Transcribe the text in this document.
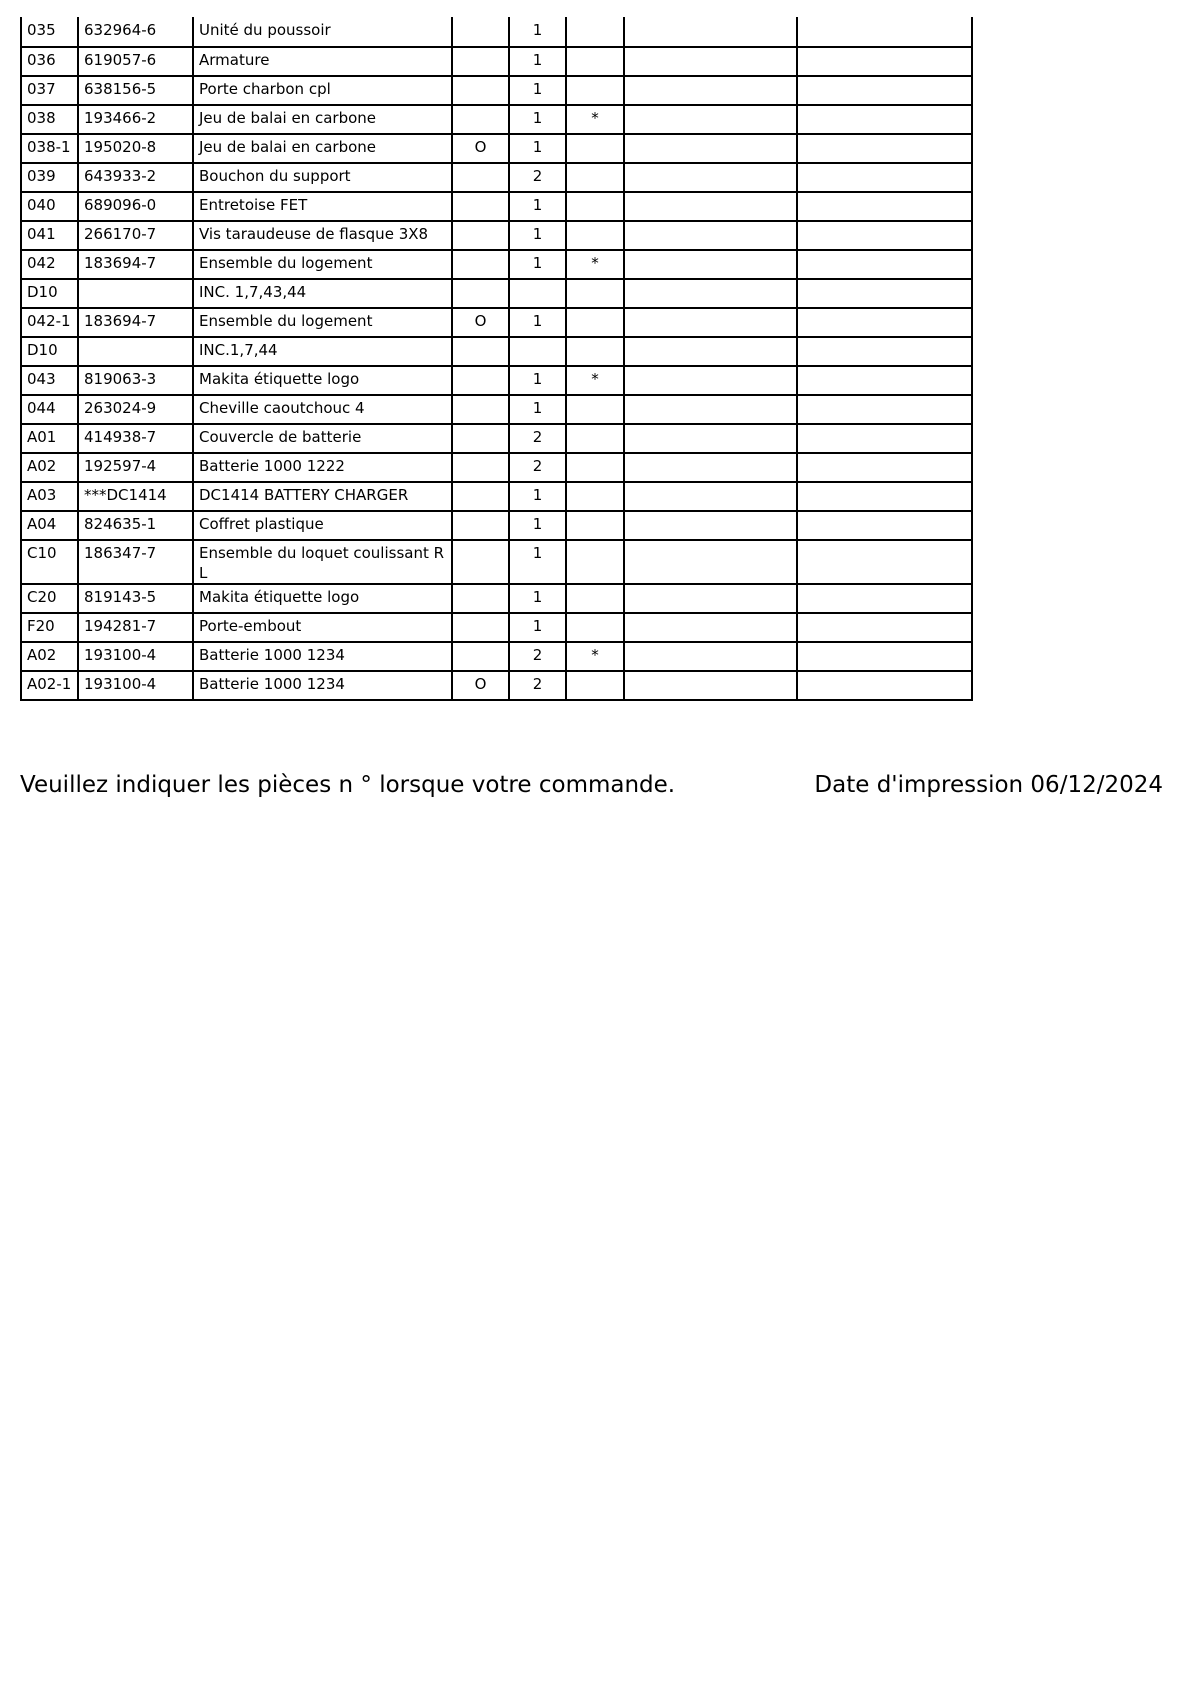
035	632964-6	Unité du poussoir		1			
036	619057-6	Armature		1			
037	638156-5	Porte charbon cpl		1			
038	193466-2	Jeu de balai en carbone		1	*		
038-1	195020-8	Jeu de balai en carbone	O	1			
039	643933-2	Bouchon du support		2			
040	689096-0	Entretoise FET		1			
041	266170-7	Vis taraudeuse de flasque 3X8		1			
042	183694-7	Ensemble du logement		1	*		
D10		INC. 1,7,43,44					
042-1	183694-7	Ensemble du logement	O	1			
D10		INC.1,7,44					
043	819063-3	Makita étiquette logo		1	*		
044	263024-9	Cheville caoutchouc 4		1			
A01	414938-7	Couvercle de batterie		2			
A02	192597-4	Batterie 1000 1222		2			
A03	***DC1414	DC1414 BATTERY CHARGER		1			
A04	824635-1	Coffret plastique		1			
C10	186347-7	Ensemble du loquet coulissant R L		1			
C20	819143-5	Makita étiquette logo		1			
F20	194281-7	Porte-embout		1			
A02	193100-4	Batterie 1000 1234		2	*		
A02-1	193100-4	Batterie 1000 1234	O	2			
Veuillez indiquer les pièces n ° lorsque votre commande.	Date d'impression 06/12/2024
